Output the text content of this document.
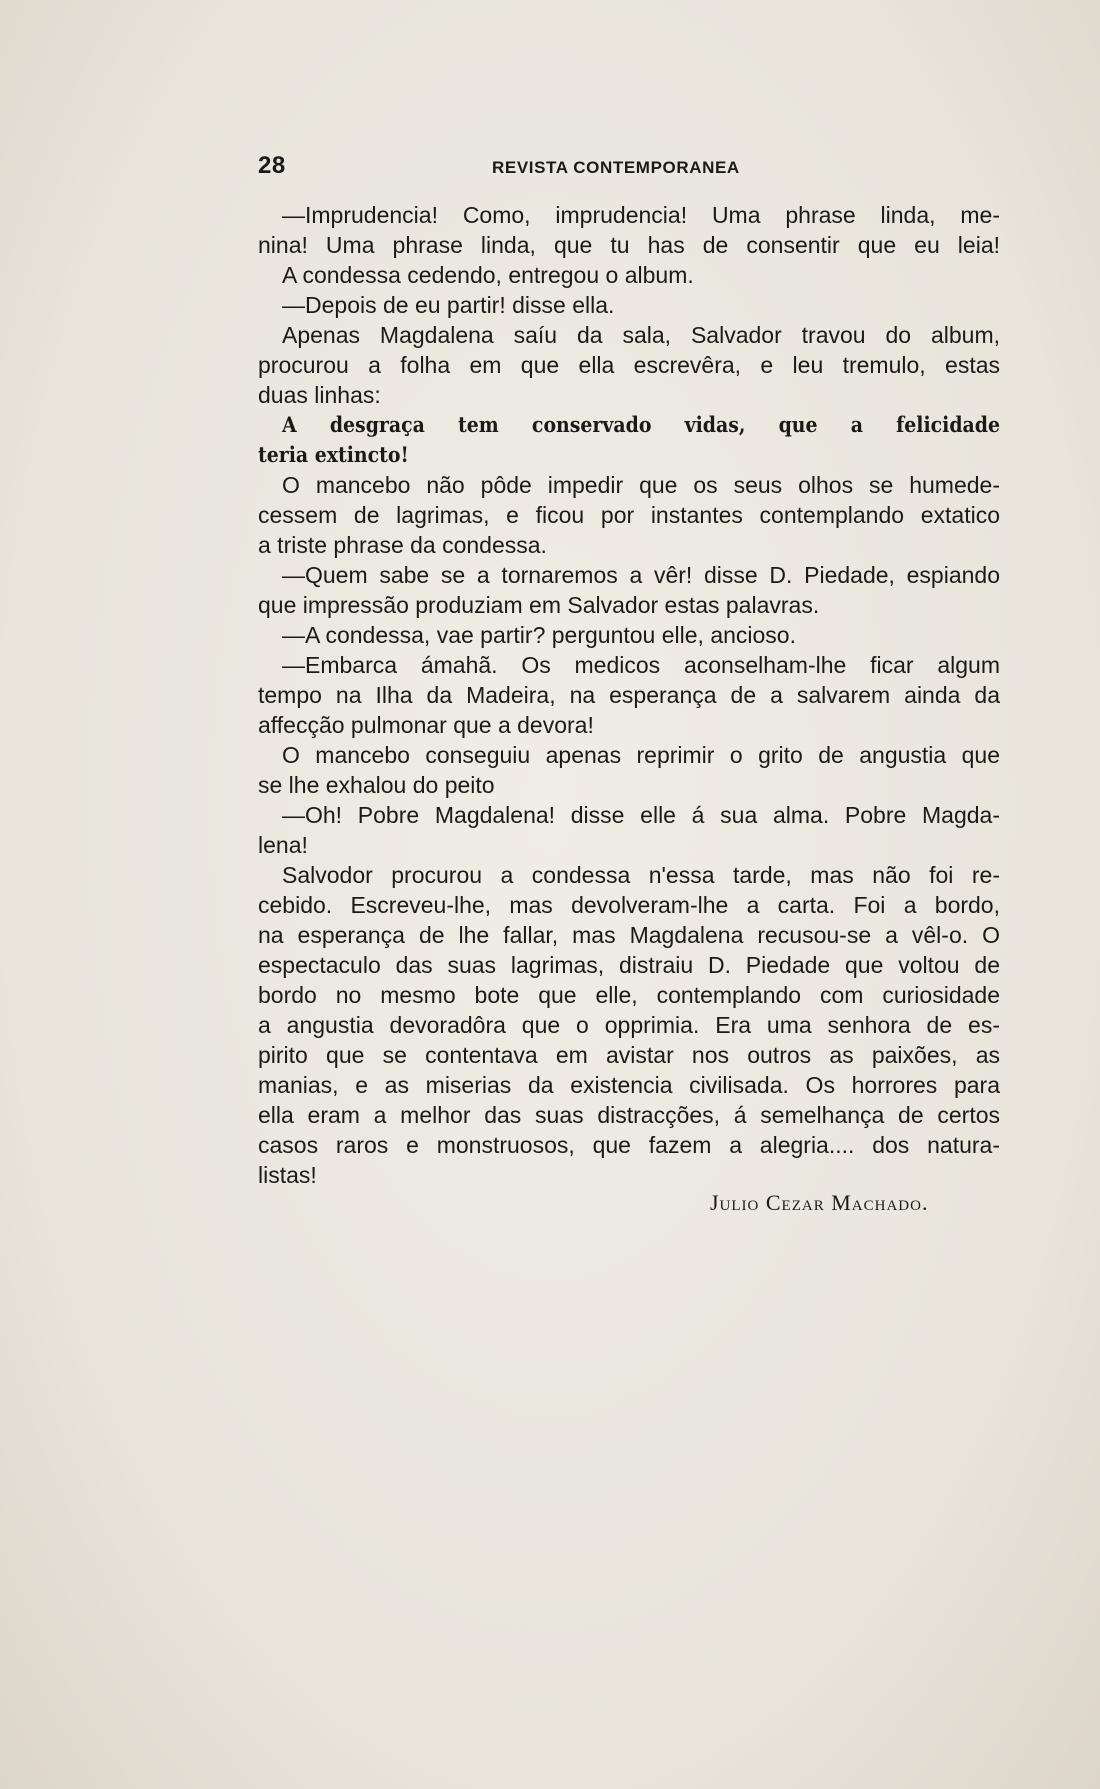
28	REVISTA CONTEMPORANEA
—Imprudencia! Como, imprudencia! Uma phrase linda, me-
nina! Uma phrase linda, que tu has de consentir que eu leia!
A condessa cedendo, entregou o album.
—Depois de eu partir! disse ella.
Apenas Magdalena saíu da sala, Salvador travou do album,
procurou a folha em que ella escrevêra, e leu tremulo, estas
duas linhas:
A desgraça tem conservado vidas, que a felicidade
teria extincto!
O mancebo não pôde impedir que os seus olhos se humede-
cessem de lagrimas, e ficou por instantes contemplando extatico
a triste phrase da condessa.
—Quem sabe se a tornaremos a vêr! disse D. Piedade, espiando
que impressão produziam em Salvador estas palavras.
—A condessa, vae partir? perguntou elle, ancioso.
—Embarca ámahã. Os medicos aconselham-lhe ficar algum
tempo na Ilha da Madeira, na esperança de a salvarem ainda da
affecção pulmonar que a devora!
O mancebo conseguiu apenas reprimir o grito de angustia que
se lhe exhalou do peito
—Oh! Pobre Magdalena! disse elle á sua alma. Pobre Magda-
lena!
Salvodor procurou a condessa n'essa tarde, mas não foi re-
cebido. Escreveu-lhe, mas devolveram-lhe a carta. Foi a bordo,
na esperança de lhe fallar, mas Magdalena recusou-se a vêl-o. O
espectaculo das suas lagrimas, distraiu D. Piedade que voltou de
bordo no mesmo bote que elle, contemplando com curiosidade
a angustia devoradôra que o opprimia. Era uma senhora de es-
pirito que se contentava em avistar nos outros as paixões, as
manias, e as miserias da existencia civilisada. Os horrores para
ella eram a melhor das suas distracções, á semelhança de certos
casos raros e monstruosos, que fazem a alegria.... dos natura-
listas!
Julio Cezar Machado.
